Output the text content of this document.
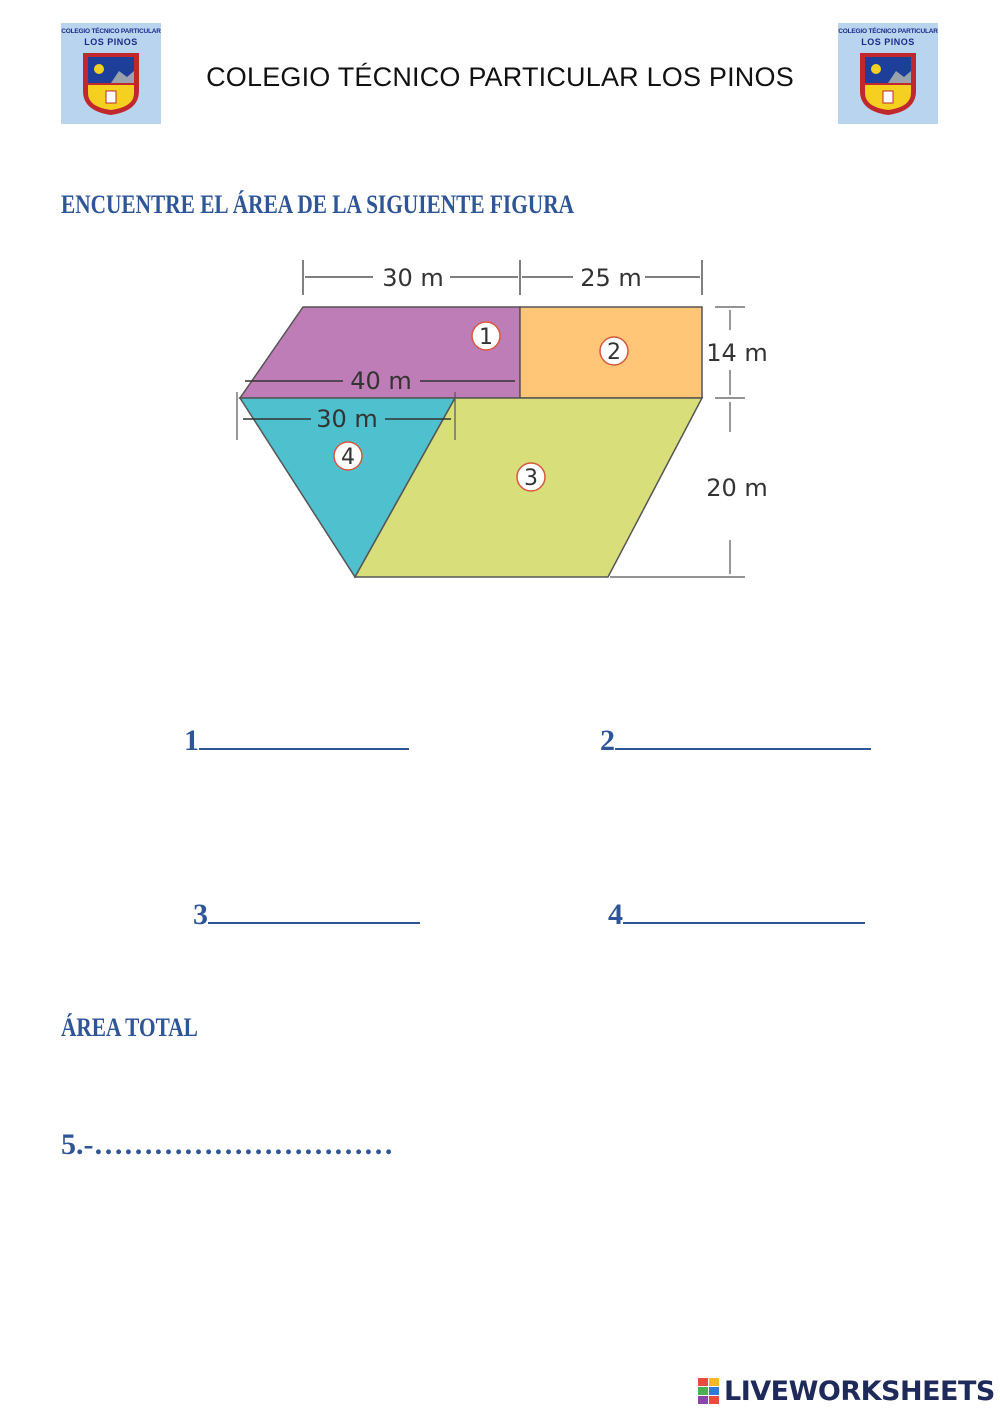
COLEGIO TÉCNICO PARTICULAR
LOS PINOS
COLEGIO TÉCNICO PARTICULAR LOS PINOS
COLEGIO TÉCNICO PARTICULAR
LOS PINOS
ENCUENTRE EL ÁREA DE LA SIGUIENTE FIGURA
30 m	25 m
40 m
30 m
14 m
20 m
1
2
3
4
1	2
3	4
ÁREA TOTAL
5.-…………………………
LIVEWORKSHEETS
